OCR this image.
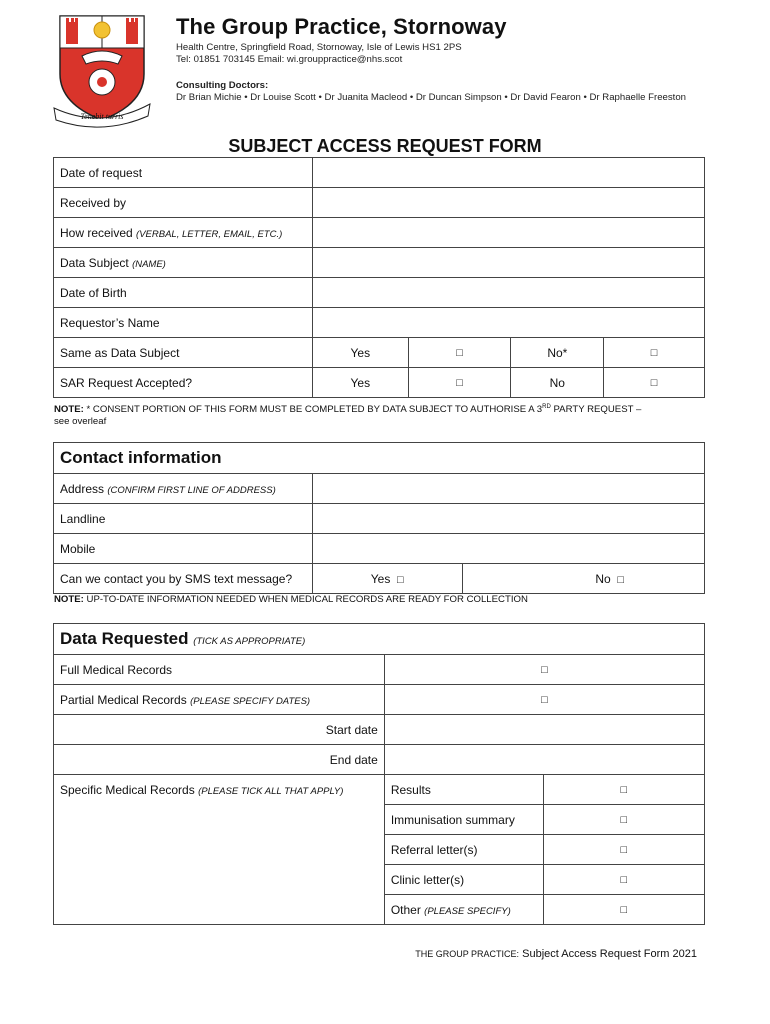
Tenebit turris
The Group Practice, Stornoway
Health Centre, Springfield Road, Stornoway, Isle of Lewis HS1 2PS
Tel: 01851 703145 Email: wi.grouppractice@nhs.scot
Consulting Doctors:
Dr Brian Michie • Dr Louise Scott • Dr Juanita Macleod • Dr Duncan Simpson • Dr David Fearon • Dr Raphaelle Freeston
SUBJECT ACCESS REQUEST FORM
Date of request				
Received by				
How received (VERBAL, LETTER, EMAIL, ETC.)				
Data Subject (NAME)				
Date of Birth				
Requestor’s Name				
Same as Data Subject	Yes	□	No*	□
SAR Request Accepted?	Yes	□	No	□
NOTE: * CONSENT PORTION OF THIS FORM MUST BE COMPLETED BY DATA SUBJECT TO AUTHORISE A 3RD PARTY REQUEST –
see overleaf
Contact information		
Address (CONFIRM FIRST LINE OF ADDRESS)		
Landline		
Mobile		
Can we contact you by SMS text message?	Yes □	No □
NOTE: UP-TO-DATE INFORMATION NEEDED WHEN MEDICAL RECORDS ARE READY FOR COLLECTION
Data Requested (TICK AS APPROPRIATE)		
Full Medical Records	□	
Partial Medical Records (PLEASE SPECIFY DATES)	□	
Start date		
End date		
Specific Medical Records (PLEASE TICK ALL THAT APPLY)	Results	□
	Immunisation summary	□
	Referral letter(s)	□
	Clinic letter(s)	□
	Other (PLEASE SPECIFY)	□
THE GROUP PRACTICE: Subject Access Request Form 2021
